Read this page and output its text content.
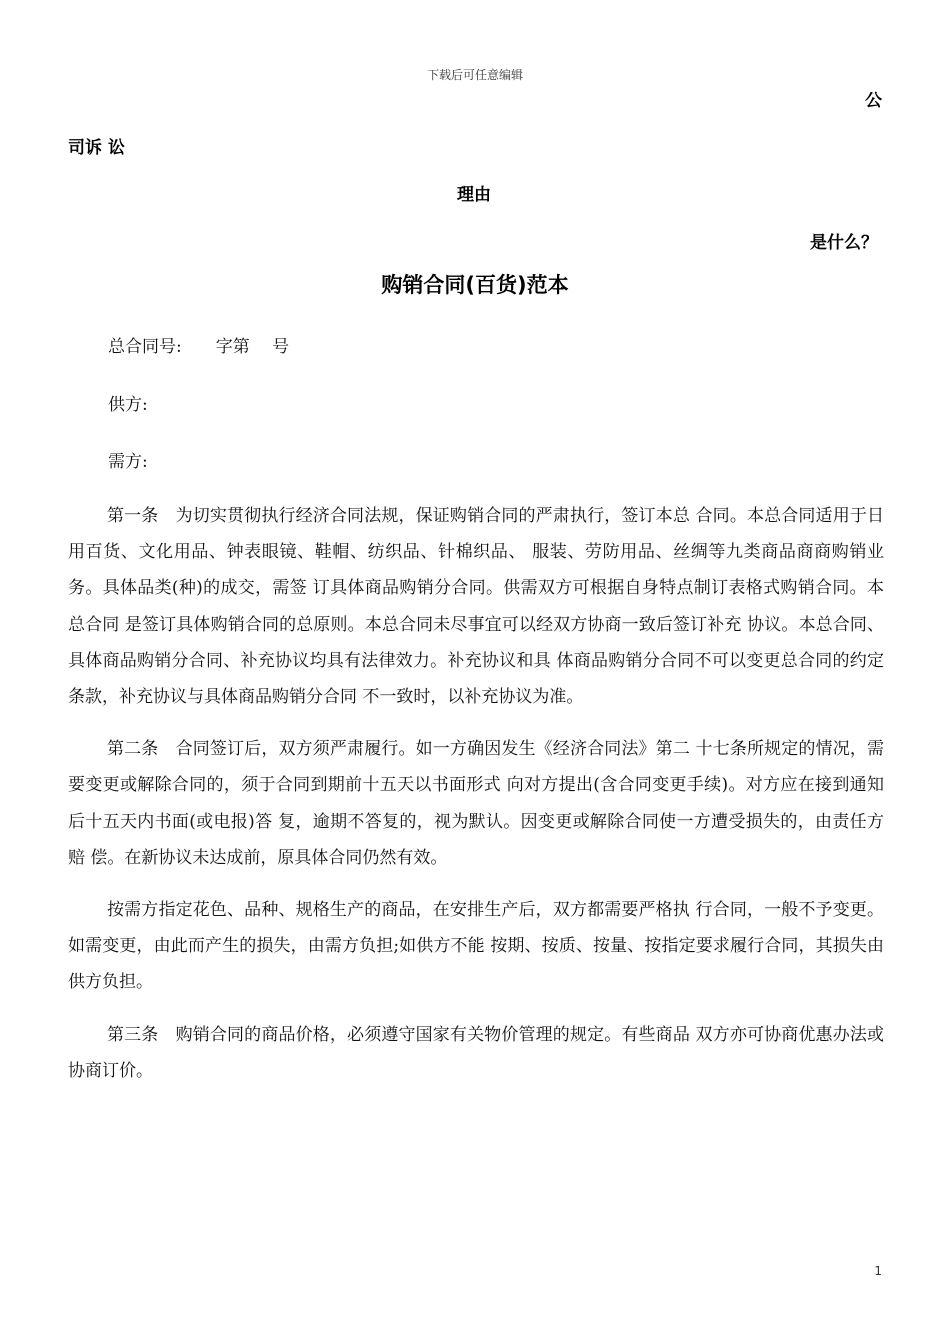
下载后可任意编辑
公
司诉 讼
理由
是什么？
购销合同(百货)范本
总合同号:　　字第　 号
供方:
需方:

第一条　为切实贯彻执行经济合同法规，保证购销合同的严肃执行，签订本总 合同。本总合同适用于日用百货、文化用品、钟表眼镜、鞋帽、纺织品、针棉织品、 服装、劳防用品、丝绸等九类商品商商购销业务。具体品类(种)的成交，需签 订具体商品购销分合同。供需双方可根据自身特点制订表格式购销合同。本总合同 是签订具体购销合同的总原则。本总合同未尽事宜可以经双方协商一致后签订补充 协议。本总合同、具体商品购销分合同、补充协议均具有法律效力。补充协议和具 体商品购销分合同不可以变更总合同的约定条款，补充协议与具体商品购销分合同 不一致时，以补充协议为准。

第二条　合同签订后，双方须严肃履行。如一方确因发生《经济合同法》第二 十七条所规定的情况，需要变更或解除合同的，须于合同到期前十五天以书面形式 向对方提出(含合同变更手续)。对方应在接到通知后十五天内书面(或电报)答 复，逾期不答复的，视为默认。因变更或解除合同使一方遭受损失的，由责任方赔 偿。在新协议未达成前，原具体合同仍然有效。

按需方指定花色、品种、规格生产的商品，在安排生产后，双方都需要严格执 行合同，一般不予变更。如需变更，由此而产生的损失，由需方负担;如供方不能 按期、按质、按量、按指定要求履行合同，其损失由供方负担。

第三条　购销合同的商品价格，必须遵守国家有关物价管理的规定。有些商品 双方亦可协商优惠办法或协商订价。

1
